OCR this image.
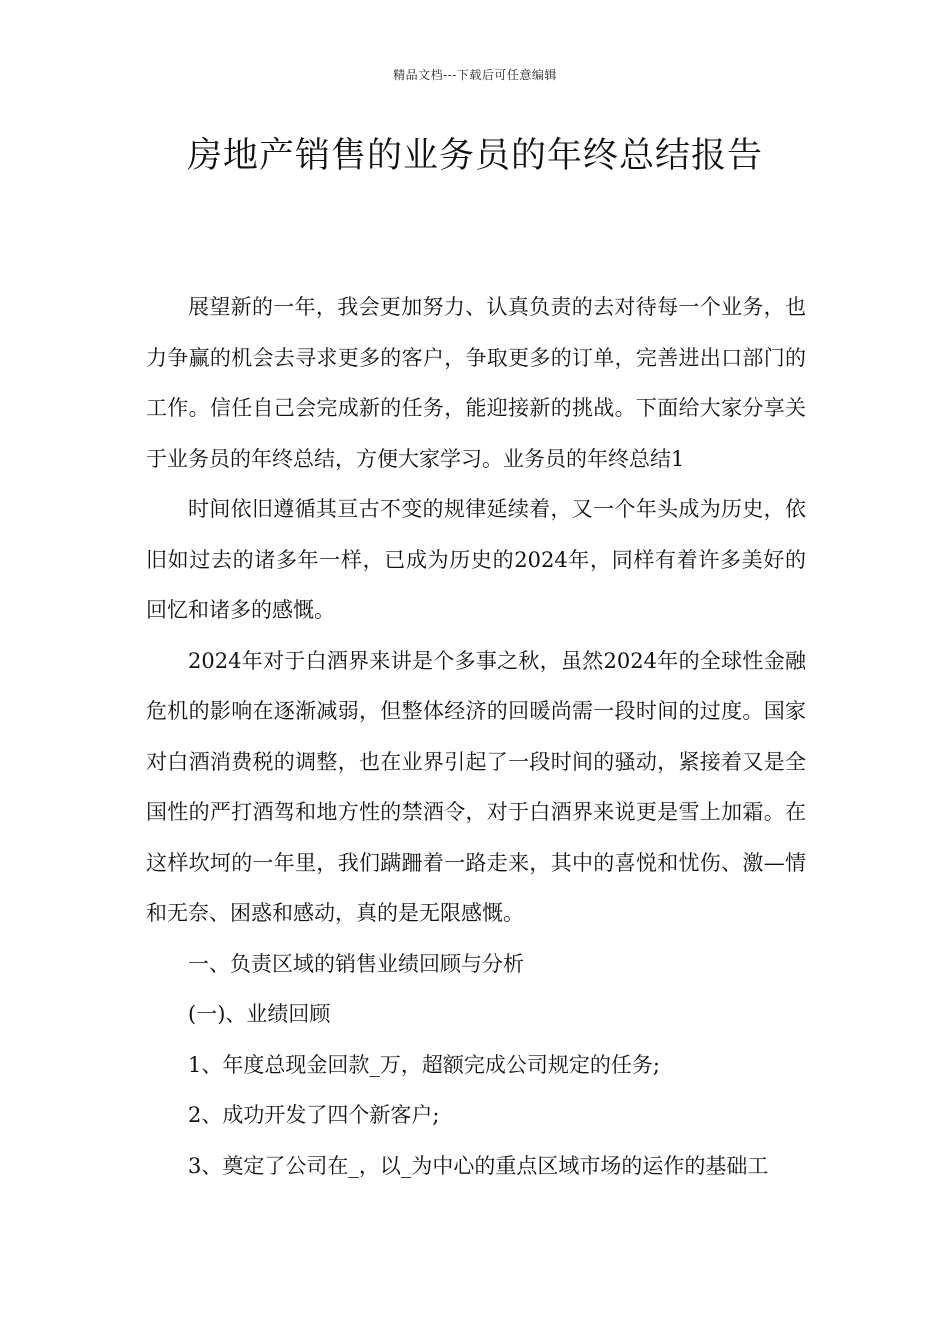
精品文档---下载后可任意编辑
房地产销售的业务员的年终总结报告

展望新的一年，我会更加努力、认真负责的去对待每一个业务，也力争赢的机会去寻求更多的客户，争取更多的订单，完善进出口部门的工作。信任自己会完成新的任务，能迎接新的挑战。下面给大家分享关于业务员的年终总结，方便大家学习。业务员的年终总结1

时间依旧遵循其亘古不变的规律延续着，又一个年头成为历史，依旧如过去的诸多年一样，已成为历史的2024年，同样有着许多美好的回忆和诸多的感慨。

2024年对于白酒界来讲是个多事之秋，虽然2024年的全球性金融危机的影响在逐渐减弱，但整体经济的回暖尚需一段时间的过度。国家对白酒消费税的调整，也在业界引起了一段时间的骚动，紧接着又是全国性的严打酒驾和地方性的禁酒令，对于白酒界来说更是雪上加霜。在这样坎坷的一年里，我们蹒跚着一路走来，其中的喜悦和忧伤、激—情和无奈、困惑和感动，真的是无限感慨。

一、负责区域的销售业绩回顾与分析

(一)、业绩回顾

1、年度总现金回款_万，超额完成公司规定的任务;

2、成功开发了四个新客户;

3、奠定了公司在_，以_为中心的重点区域市场的运作的基础工
